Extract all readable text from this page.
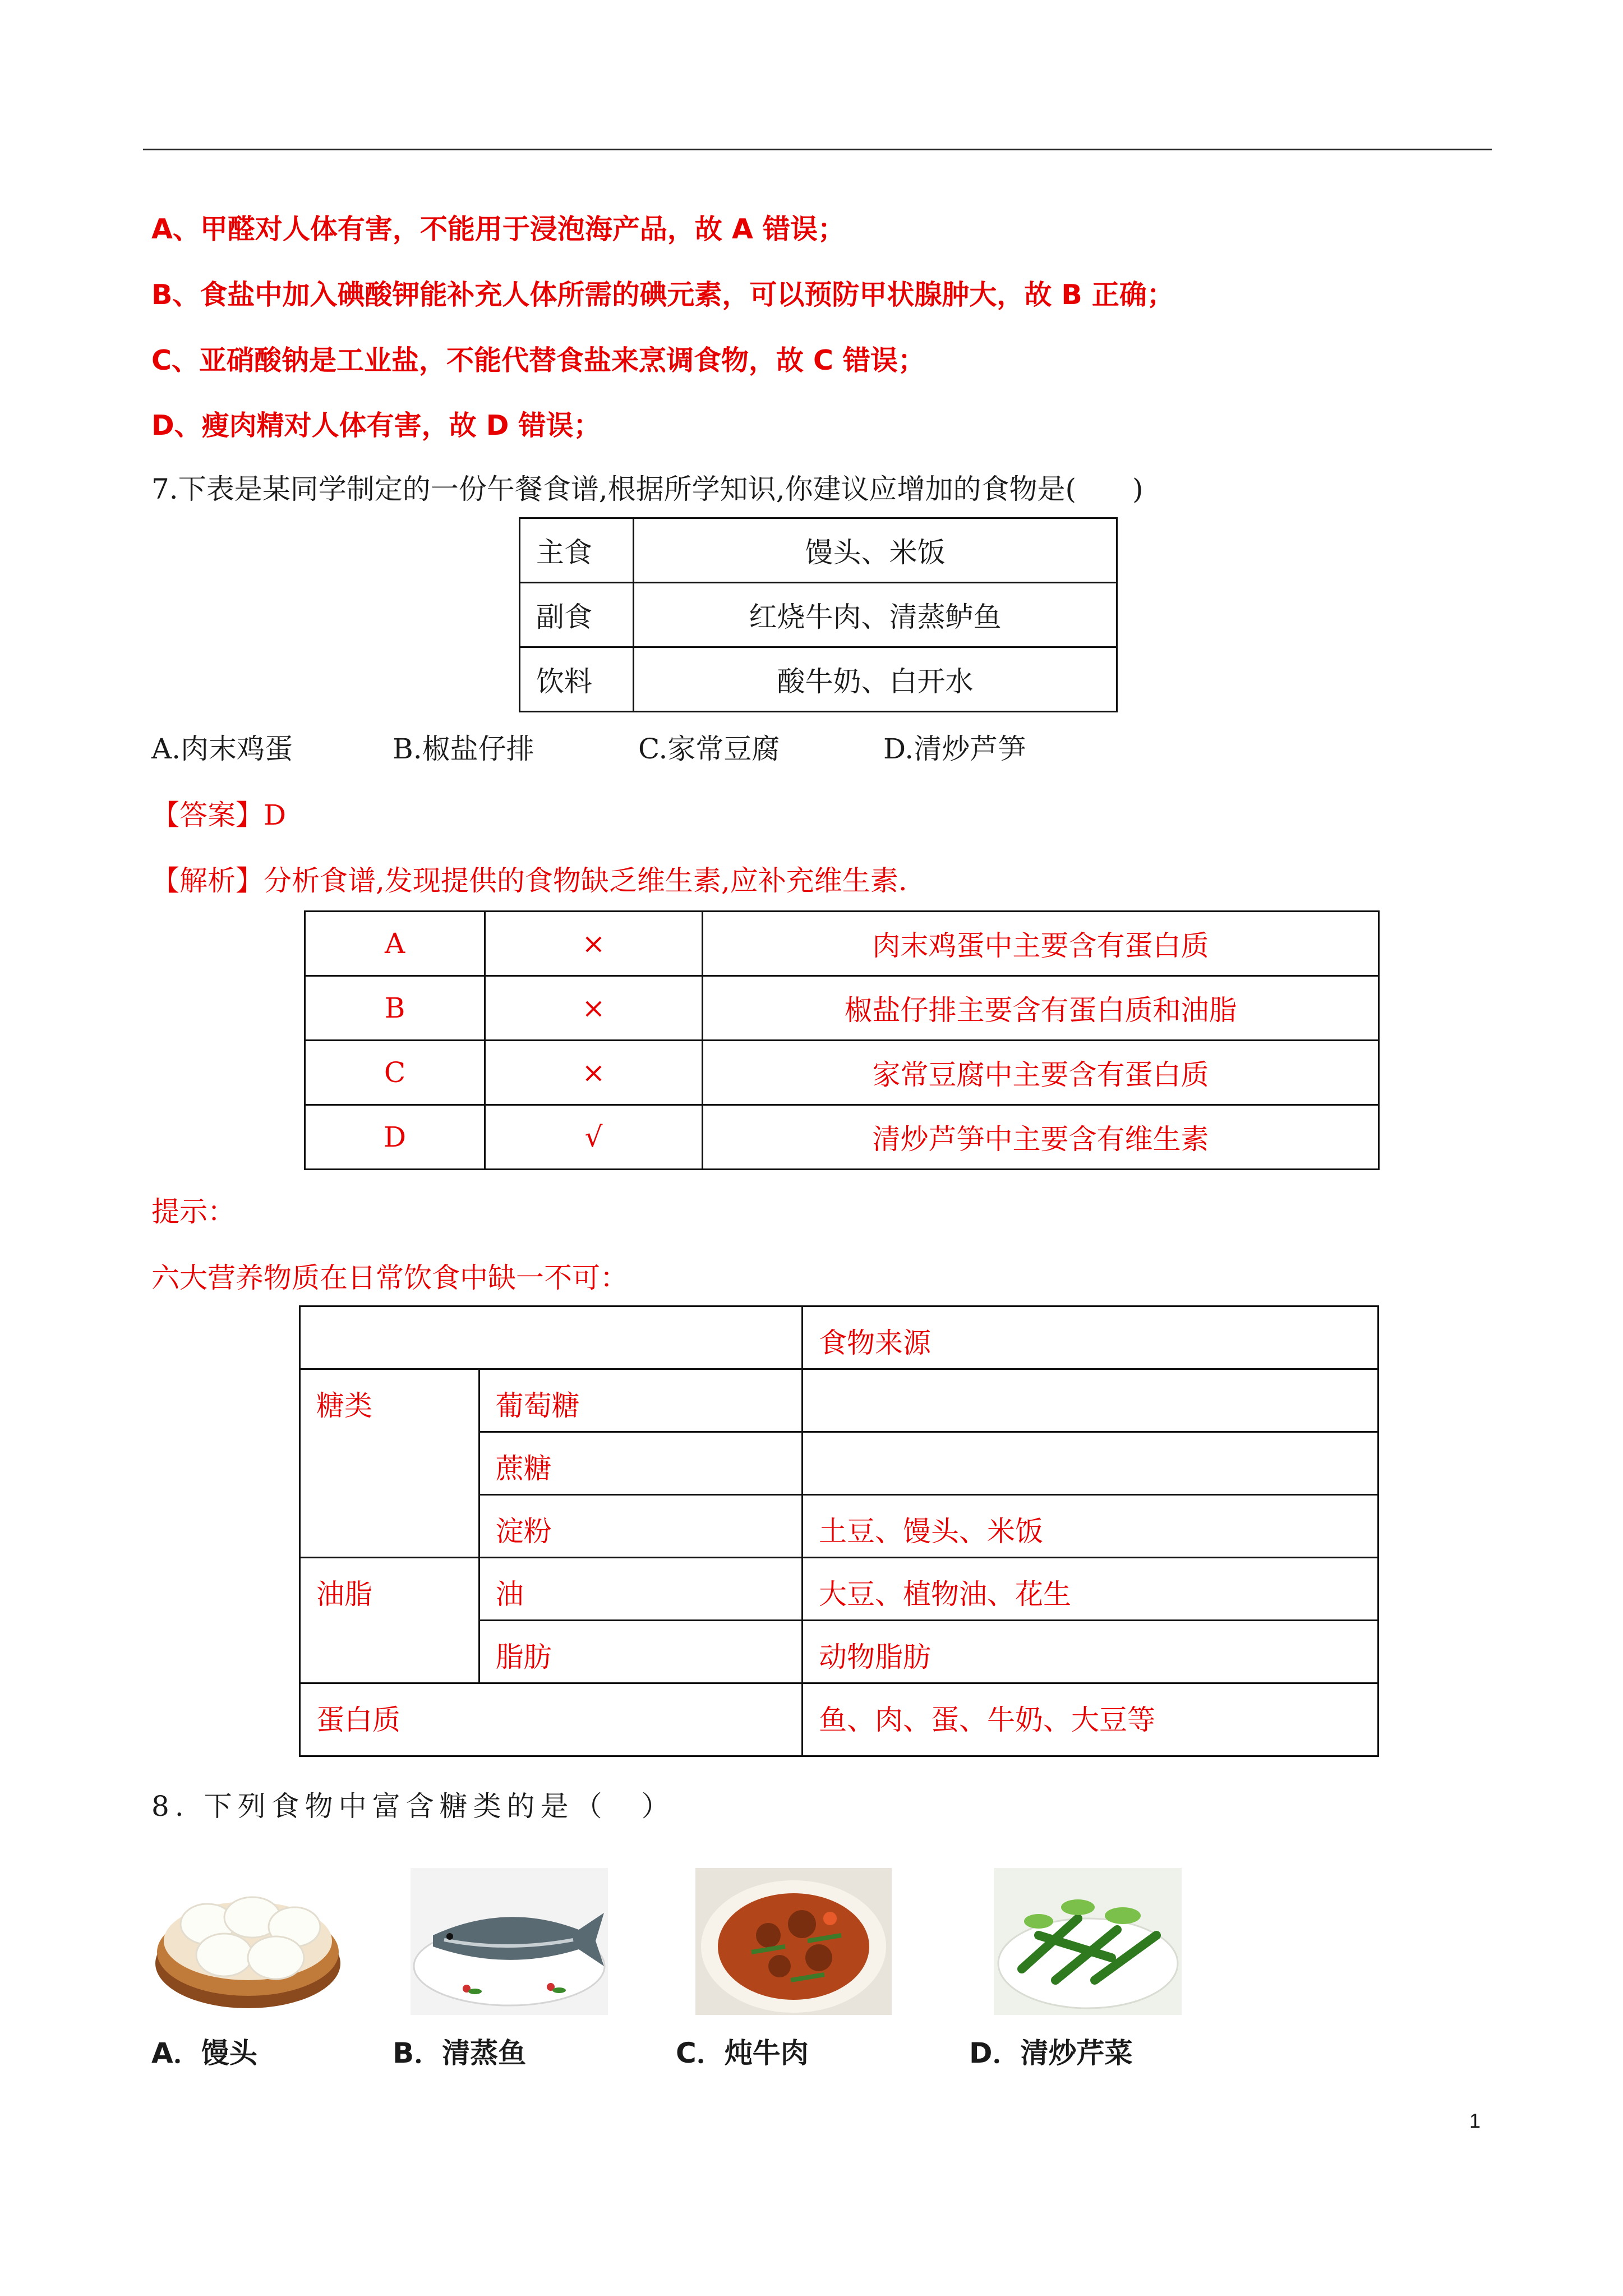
A、甲醛对人体有害，不能用于浸泡海产品，故 A 错误；
B、食盐中加入碘酸钾能补充人体所需的碘元素，可以预防甲状腺肿大，故 B 正确；
C、亚硝酸钠是工业盐，不能代替食盐来烹调食物，故 C 错误；
D、瘦肉精对人体有害，故 D 错误；
7.下表是某同学制定的一份午餐食谱,根据所学知识,你建议应增加的食物是(　　)
主食	馒头、米饭
副食	红烧牛肉、清蒸鲈鱼
饮料	酸牛奶、白开水
A.肉末鸡蛋	B.椒盐仔排	C.家常豆腐	D.清炒芦笋
【答案】D
【解析】分析食谱,发现提供的食物缺乏维生素,应补充维生素.
A	×	肉末鸡蛋中主要含有蛋白质
B	×	椒盐仔排主要含有蛋白质和油脂
C	×	家常豆腐中主要含有蛋白质
D	√	清炒芦笋中主要含有维生素
提示：
六大营养物质在日常饮食中缺一不可：
		食物来源
糖类	葡萄糖	
	蔗糖	
	淀粉	土豆、馒头、米饭
油脂	油	大豆、植物油、花生
	脂肪	动物脂肪
蛋白质		鱼、肉、蛋、牛奶、大豆等
8. 下列食物中富含糖类的是（　）
A．馒头	B．清蒸鱼	C．炖牛肉	D．清炒芹菜
1
